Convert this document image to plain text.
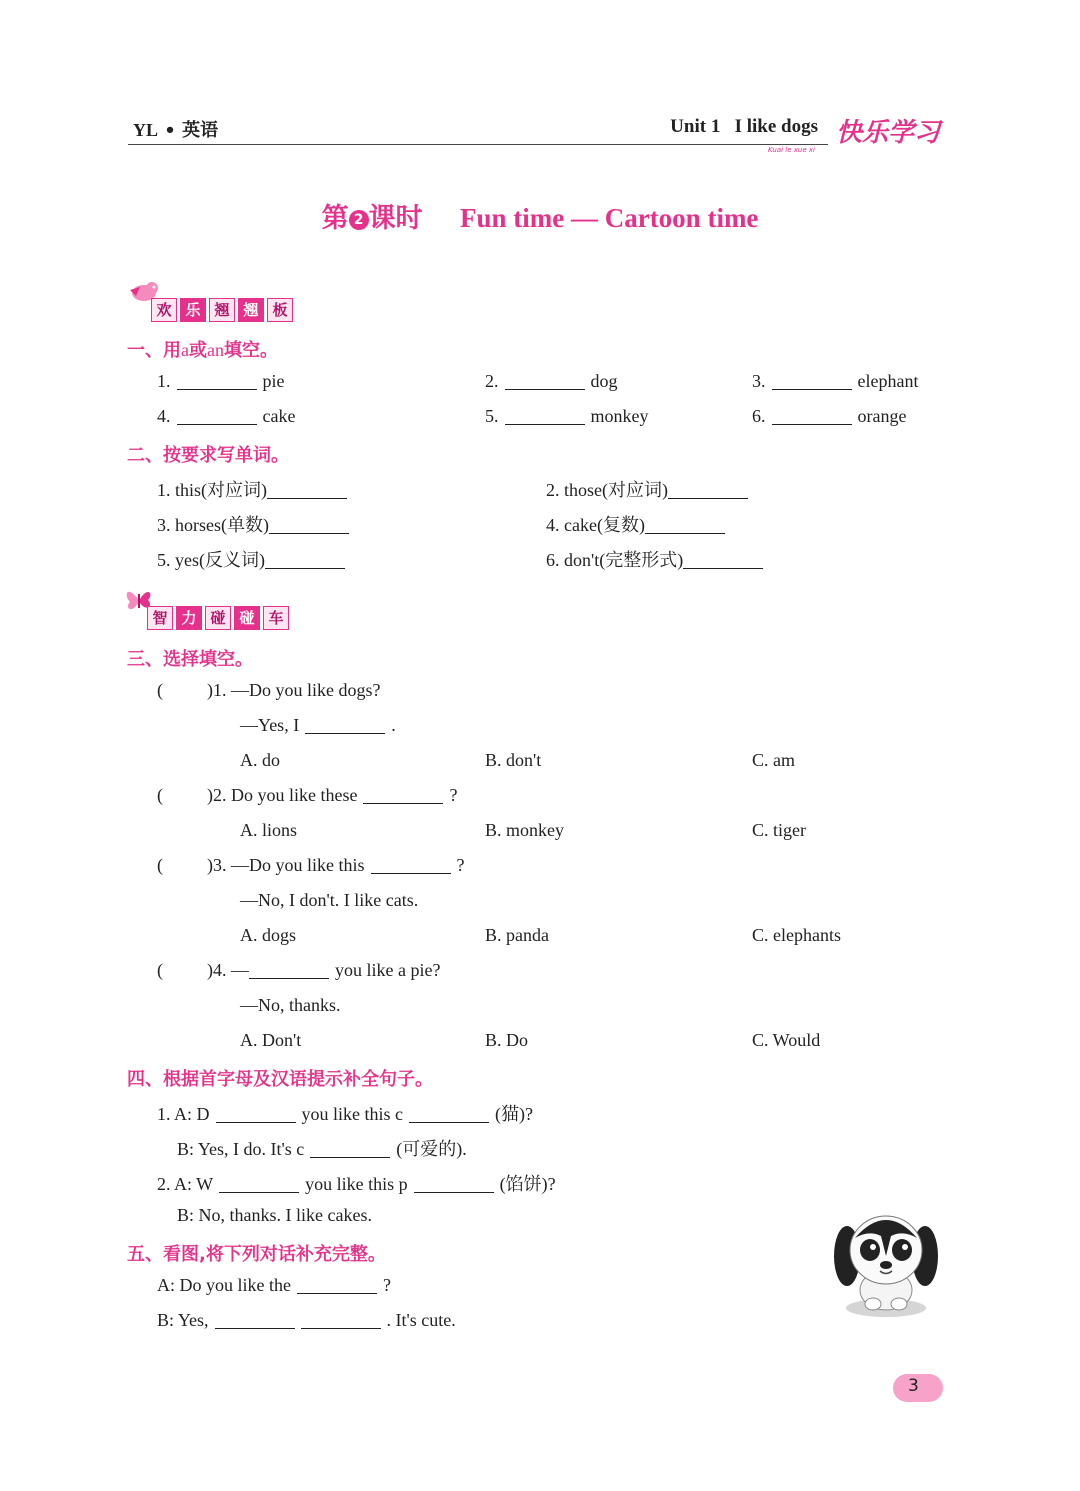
YL • 英语	Unit 1 I like dogs 快乐学习
Kuai le xue xi
第 2 课时 Fun time — Cartoon time
欢 乐 翘 翘 板
一、用a或an填空。
1.	pie	2.	dog	3.	elephant
4.	cake	5.	monkey	6.	orange
二、按要求写单词。
1. this(对应词)	2. those(对应词)
3. horses(单数)	4. cake(复数)
5. yes(反义词)	6. don't(完整形式)
智 力 碰 碰 车
三、选择填空。
( )1. —Do you like dogs?
—Yes, I	.
A. do	B. don't	C. am
( )2. Do you like these	?
A. lions	B. monkey	C. tiger
( )3. —Do you like this	?
—No, I don't. I like cats.
A. dogs	B. panda	C. elephants
( )4. —	you like a pie?
—No, thanks.
A. Don't	B. Do	C. Would
四、根据首字母及汉语提示补全句子。
1. A: D	you like this c	(猫)?
B: Yes, I do. It's c	(可爱的).
2. A: W	you like this p	(馅饼)?
B: No, thanks. I like cakes.
五、看图,将下列对话补充完整。
A: Do you like the	?
B: Yes,	. It's cute.
3
